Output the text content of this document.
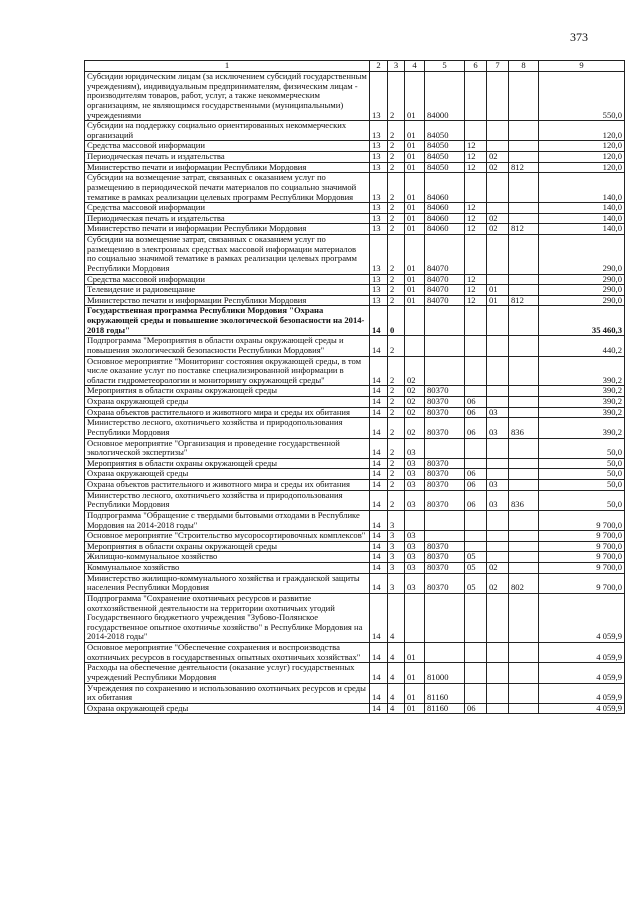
373
1	2	3	4	5	6	7	8	9
Субсидии юридическим лицам (за исключением субсидий государственным учреждениям), индивидуальным предпринимателям, физическим лицам - производителям товаров, работ, услуг, а также некоммерческим организациям, не являющимся государственными (муниципальными) учреждениями	13	2	01	84000				550,0
Субсидии на поддержку социально ориентированных некоммерческих организаций	13	2	01	84050				120,0
Средства массовой информации	13	2	01	84050	12			120,0
Периодическая печать и издательства	13	2	01	84050	12	02		120,0
Министерство печати и информации Республики Мордовия	13	2	01	84050	12	02	812	120,0
Субсидии на возмещение затрат, связанных с оказанием услуг по размещению в периодической печати материалов по социально значимой тематике в рамках реализации целевых программ Республики Мордовия	13	2	01	84060				140,0
Средства массовой информации	13	2	01	84060	12			140,0
Периодическая печать и издательства	13	2	01	84060	12	02		140,0
Министерство печати и информации Республики Мордовия	13	2	01	84060	12	02	812	140,0
Субсидии на возмещение затрат, связанных с оказанием услуг по размещению в электронных средствах массовой информации материалов по социально значимой тематике в рамках реализации целевых программ Республики Мордовия	13	2	01	84070				290,0
Средства массовой информации	13	2	01	84070	12			290,0
Телевидение и радиовещание	13	2	01	84070	12	01		290,0
Министерство печати и информации Республики Мордовия	13	2	01	84070	12	01	812	290,0
Государственная программа Республики Мордовия "Охрана окружающей среды и повышение экологической безопасности на 2014-2018 годы"	14	0						35 460,3
Подпрограмма "Мероприятия в области охраны окружающей среды и повышения экологической безопасности Республики Мордовия"	14	2						440,2
Основное мероприятие "Мониторинг состояния окружающей среды, в том числе оказание услуг по поставке специализированной информации в области гидрометеорологии и мониторингу окружающей среды"	14	2	02					390,2
Мероприятия в области охраны окружающей среды	14	2	02	80370				390,2
Охрана окружающей среды	14	2	02	80370	06			390,2
Охрана объектов растительного и животного мира и среды их обитания	14	2	02	80370	06	03		390,2
Министерство лесного, охотничьего хозяйства и природопользования Республики Мордовия	14	2	02	80370	06	03	836	390,2
Основное мероприятие "Организация и проведение государственной экологической экспертизы"	14	2	03					50,0
Мероприятия в области охраны окружающей среды	14	2	03	80370				50,0
Охрана окружающей среды	14	2	03	80370	06			50,0
Охрана объектов растительного и животного мира и среды их обитания	14	2	03	80370	06	03		50,0
Министерство лесного, охотничьего хозяйства и природопользования Республики Мордовия	14	2	03	80370	06	03	836	50,0
Подпрограмма "Обращение с твердыми бытовыми отходами в Республике Мордовия на 2014-2018 годы"	14	3						9 700,0
Основное мероприятие "Строительство мусоросортировочных комплексов"	14	3	03					9 700,0
Мероприятия в области охраны окружающей среды	14	3	03	80370				9 700,0
Жилищно-коммунальное хозяйство	14	3	03	80370	05			9 700,0
Коммунальное хозяйство	14	3	03	80370	05	02		9 700,0
Министерство жилищно-коммунального хозяйства и гражданской защиты населения Республики Мордовия	14	3	03	80370	05	02	802	9 700,0
Подпрограмма "Сохранение охотничьих ресурсов и развитие охотхозяйственной деятельности на территории охотничьих угодий Государственного бюджетного учреждения "Зубово-Полянское государственное опытное охотничье хозяйство" в Республике Мордовия на 2014-2018 годы"	14	4						4 059,9
Основное мероприятие "Обеспечение сохранения и воспроизводства охотничьих ресурсов в государственных опытных охотничьих хозяйствах"	14	4	01					4 059,9
Расходы на обеспечение деятельности (оказание услуг) государственных учреждений Республики Мордовия	14	4	01	81000				4 059,9
Учреждения по сохранению и использованию охотничьих ресурсов и среды их обитания	14	4	01	81160				4 059,9
Охрана окружающей среды	14	4	01	81160	06			4 059,9
